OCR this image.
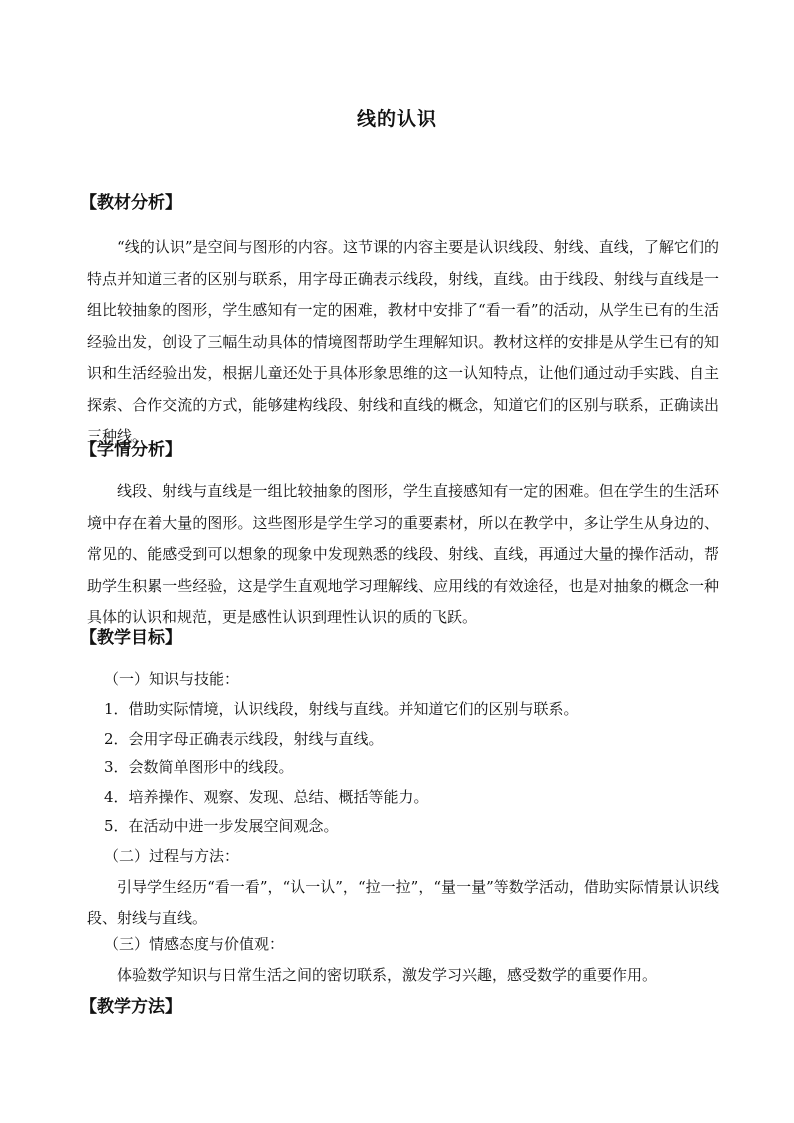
线的认识
【教材分析】

“线的认识”是空间与图形的内容。这节课的内容主要是认识线段、射线、直线，了解它们的特点并知道三者的区别与联系，用字母正确表示线段，射线，直线。由于线段、射线与直线是一组比较抽象的图形，学生感知有一定的困难，教材中安排了“看一看”的活动，从学生已有的生活经验出发，创设了三幅生动具体的情境图帮助学生理解知识。教材这样的安排是从学生已有的知识和生活经验出发，根据儿童还处于具体形象思维的这一认知特点，让他们通过动手实践、自主探索、合作交流的方式，能够建构线段、射线和直线的概念，知道它们的区别与联系，正确读出三种线。

【学情分析】

线段、射线与直线是一组比较抽象的图形，学生直接感知有一定的困难。但在学生的生活环境中存在着大量的图形。这些图形是学生学习的重要素材，所以在教学中，多让学生从身边的、常见的、能感受到可以想象的现象中发现熟悉的线段、射线、直线，再通过大量的操作活动，帮助学生积累一些经验，这是学生直观地学习理解线、应用线的有效途径，也是对抽象的概念一种具体的认识和规范，更是感性认识到理性认识的质的飞跃。

【教学目标】
（一）知识与技能：
1．借助实际情境，认识线段，射线与直线。并知道它们的区别与联系。
2．会用字母正确表示线段，射线与直线。
3．会数简单图形中的线段。
4．培养操作、观察、发现、总结、概括等能力。
5．在活动中进一步发展空间观念。
（二）过程与方法：

引导学生经历“看一看”，“认一认”，“拉一拉”，“量一量”等数学活动，借助实际情景认识线段、射线与直线。

（三）情感态度与价值观：

体验数学知识与日常生活之间的密切联系，激发学习兴趣，感受数学的重要作用。

【教学方法】
